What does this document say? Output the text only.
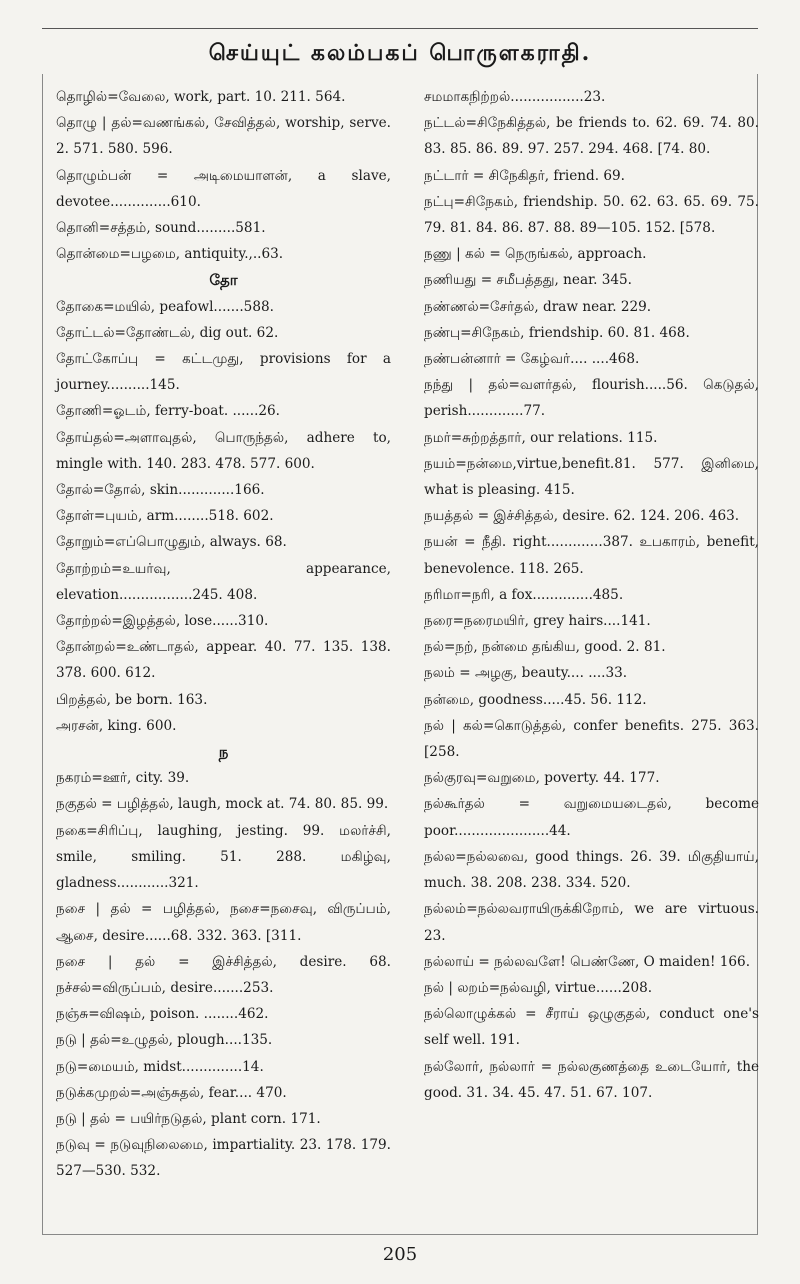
செய்யுட் கலம்பகப் பொருளகராதி.

தொழில்=வேலை, work, part. 10. 211. 564.

தொழு | தல்=வணங்கல், சேவித்தல், worship, serve. 2. 571. 580. 596.

தொழும்பன் = அடிமையாளன், a slave, devotee..............610.

தொனி=சத்தம், sound.........581.

தொன்மை=பழமை, antiquity.,..63.

தோ

தோகை=மயில், peafowl.......588.

தோட்டல்=தோண்டல், dig out. 62.

தோட்கோப்பு = கட்டமுது, provisions for a journey..........145.

தோணி=ஓடம், ferry-boat. ......26.

தோய்தல்=அளாவுதல், பொருந்தல், adhere to, mingle with. 140. 283. 478. 577. 600.

தோல்=தோல், skin.............166.

தோள்=புயம், arm........518. 602.

தோறும்=எப்பொழுதும், always. 68.

தோற்றம்=உயர்வு, appearance, elevation.................245. 408.

தோற்றல்=இழத்தல், lose......310.

தோன்றல்=உண்டாதல், appear. 40. 77. 135. 138. 378. 600. 612.

பிறத்தல், be born. 163.

அரசன், king. 600.

ந

நகரம்=ஊர், city. 39.

நகுதல் = பழித்தல், laugh, mock at. 74. 80. 85. 99.

நகை=சிரிப்பு, laughing, jesting. 99. மலர்ச்சி, smile, smiling. 51. 288. மகிழ்வு, gladness............321.

நசை | தல் = பழித்தல், நசை=நசைவு, விருப்பம், ஆசை, desire......68. 332. 363. [311.

நசை | தல் = இச்சித்தல், desire. 68. நச்சல்=விருப்பம், desire.......253.

நஞ்சு=விஷம், poison. ........462.

நடு | தல்=உழுதல், plough....135.

நடு=மையம், midst..............14.

நடுக்கமுறல்=அஞ்சுதல், fear.... 470.

நடு | தல் = பயிர்நடுதல், plant corn. 171.

நடுவு = நடுவுநிலைமை, impartiality. 23. 178. 179. 527—530. 532.

சமமாகநிற்றல்.................23.

நட்டல்=சிநேகித்தல், be friends to. 62. 69. 74. 80. 83. 85. 86. 89. 97. 257. 294. 468. [74. 80.

நட்டார் = சிநேகிதர், friend. 69.

நட்பு=சிநேகம், friendship. 50. 62. 63. 65. 69. 75. 79. 81. 84. 86. 87. 88. 89—105. 152. [578.

நணு | கல் = நெருங்கல், approach.

நணியது = சமீபத்தது, near. 345.

நண்ணல்=சேர்தல், draw near. 229.

நண்பு=சிநேகம், friendship. 60. 81. 468.

நண்பன்னார் = கேழ்வர்.... ....468.

நந்து | தல்=வளர்தல், flourish.....56. கெடுதல், perish.............77.

நமர்=சுற்றத்தார், our relations. 115.

நயம்=நன்மை,virtue,benefit.81. 577. இனிமை, what is pleasing. 415.

நயத்தல் = இச்சித்தல், desire. 62. 124. 206. 463.

நயன் = நீதி. right.............387. உபகாரம், benefit, benevolence. 118. 265.

நரிமா=நரி, a fox..............485.

நரை=நரைமயிர், grey hairs....141.

நல்=நற், நன்மை தங்கிய, good. 2. 81.

நலம் = அழகு, beauty.... ....33.

நன்மை, goodness.....45. 56. 112.

நல் | கல்=கொடுத்தல், confer benefits. 275. 363. [258.

நல்குரவு=வறுமை, poverty. 44. 177.

நல்கூர்தல் = வறுமையடைதல், become poor......................44.

நல்ல=நல்லவை, good things. 26. 39. மிகுதியாய், much. 38. 208. 238. 334. 520.

நல்லம்=நல்லவராயிருக்கிறோம், we are virtuous. 23.

நல்லாய் = நல்லவளே! பெண்ணே, O maiden! 166.

நல் | லறம்=நல்வழி, virtue......208.

நல்லொழுக்கல் = சீராய் ஒழுகுதல், conduct one's self well. 191.

நல்லோர், நல்லார் = நல்லகுணத்தை உடையோர், the good. 31. 34. 45. 47. 51. 67. 107.

205
